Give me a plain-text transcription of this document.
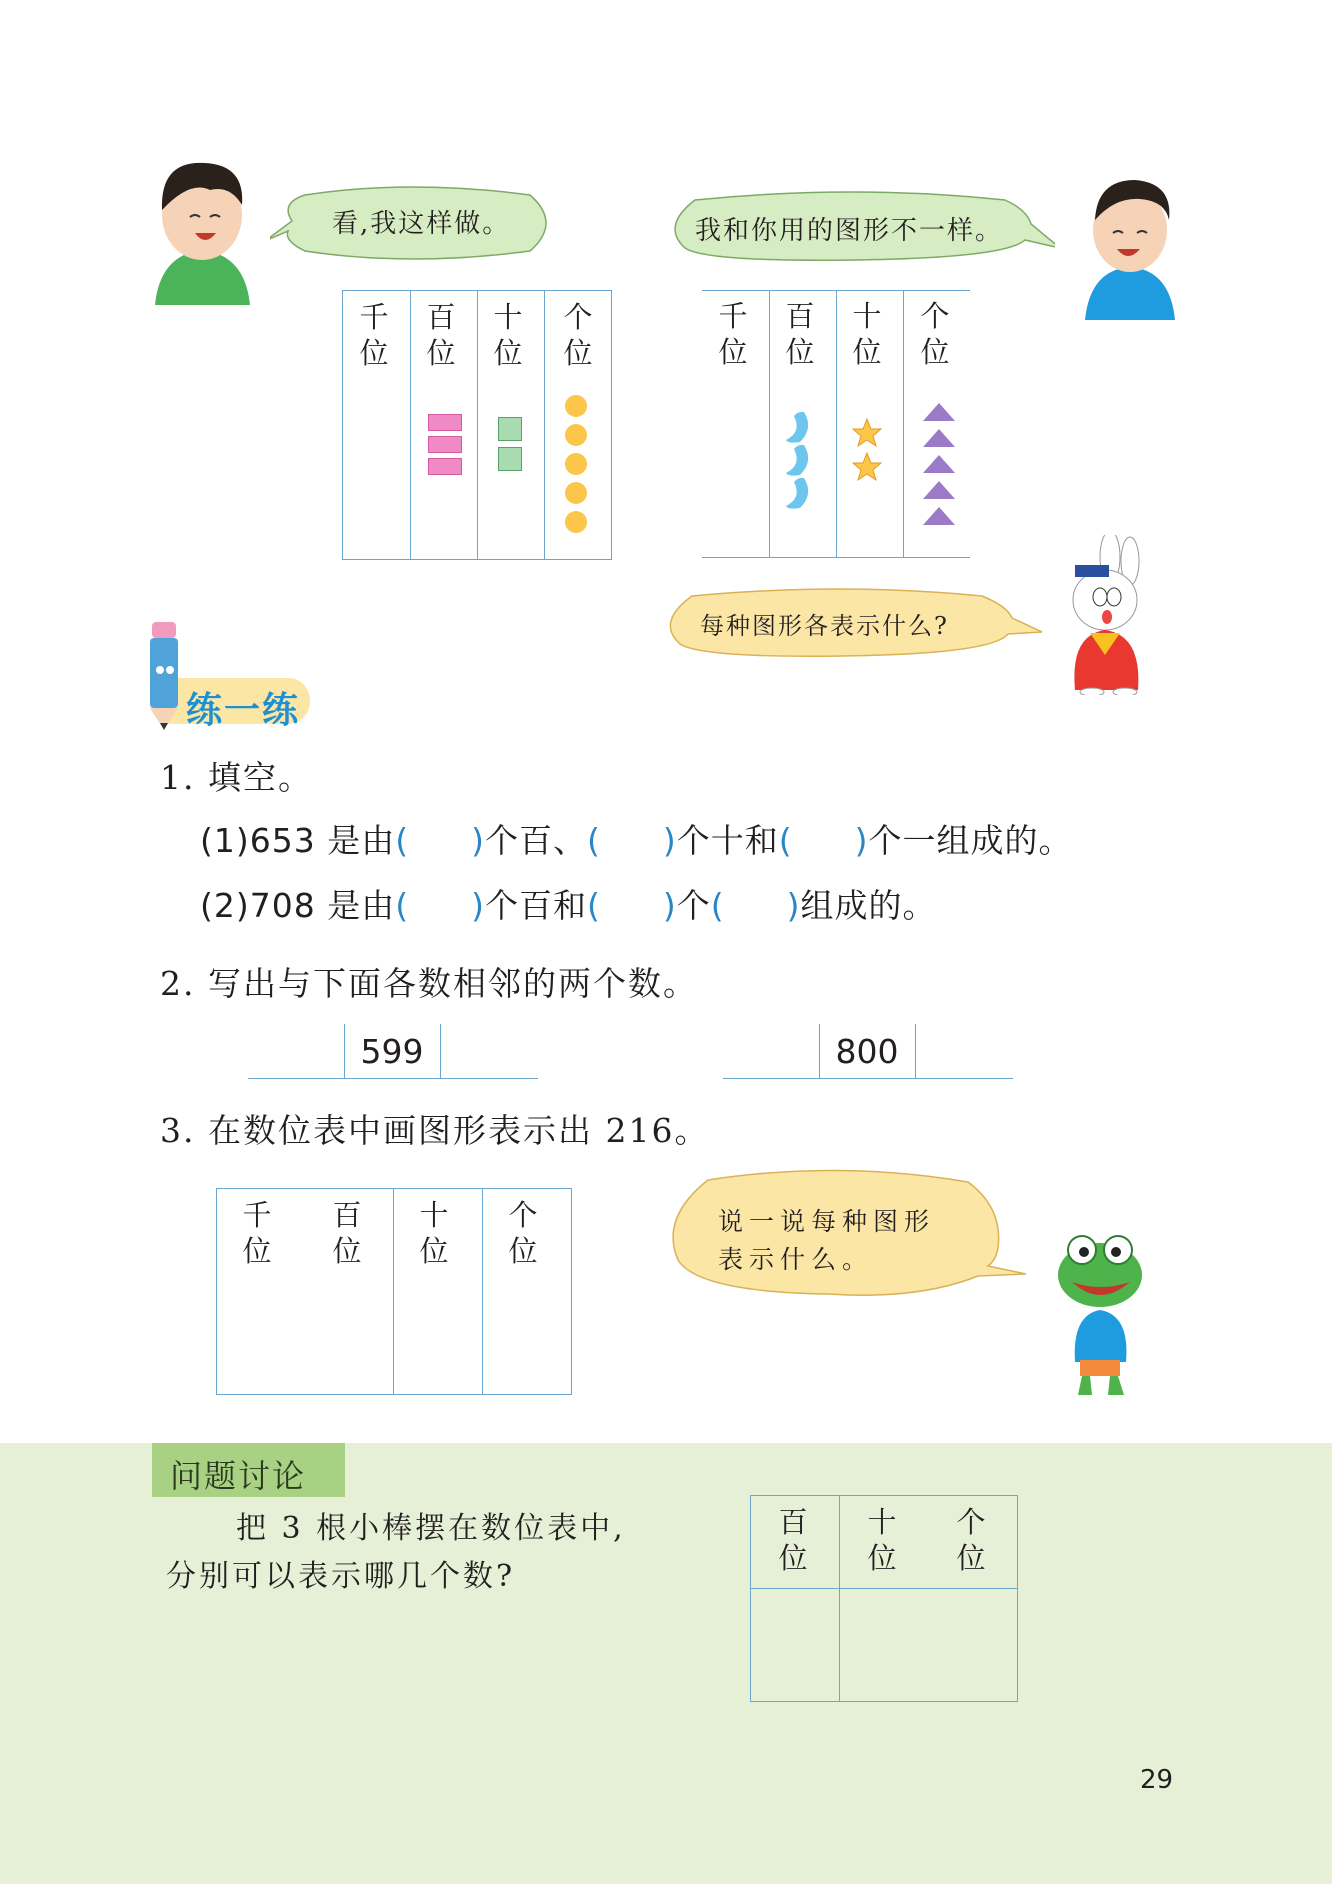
看,我这样做。
千
位
百
位
十
位
个
位
我和你用的图形不一样。
千
位
百
位
十
位
个
位
每种图形各表示什么?
练一练
1. 填空。
(1)653 是由( )个百、( )个十和( )个一组成的。
(2)708 是由( )个百和( )个( )组成的。
2. 写出与下面各数相邻的两个数。
599	800
3. 在数位表中画图形表示出 216。
千
位
百
位
十
位
个
位
说一说每种图形
表示什么。
问题讨论
把 3 根小棒摆在数位表中,
分别可以表示哪几个数?
百
位
十
位
个
位
29
